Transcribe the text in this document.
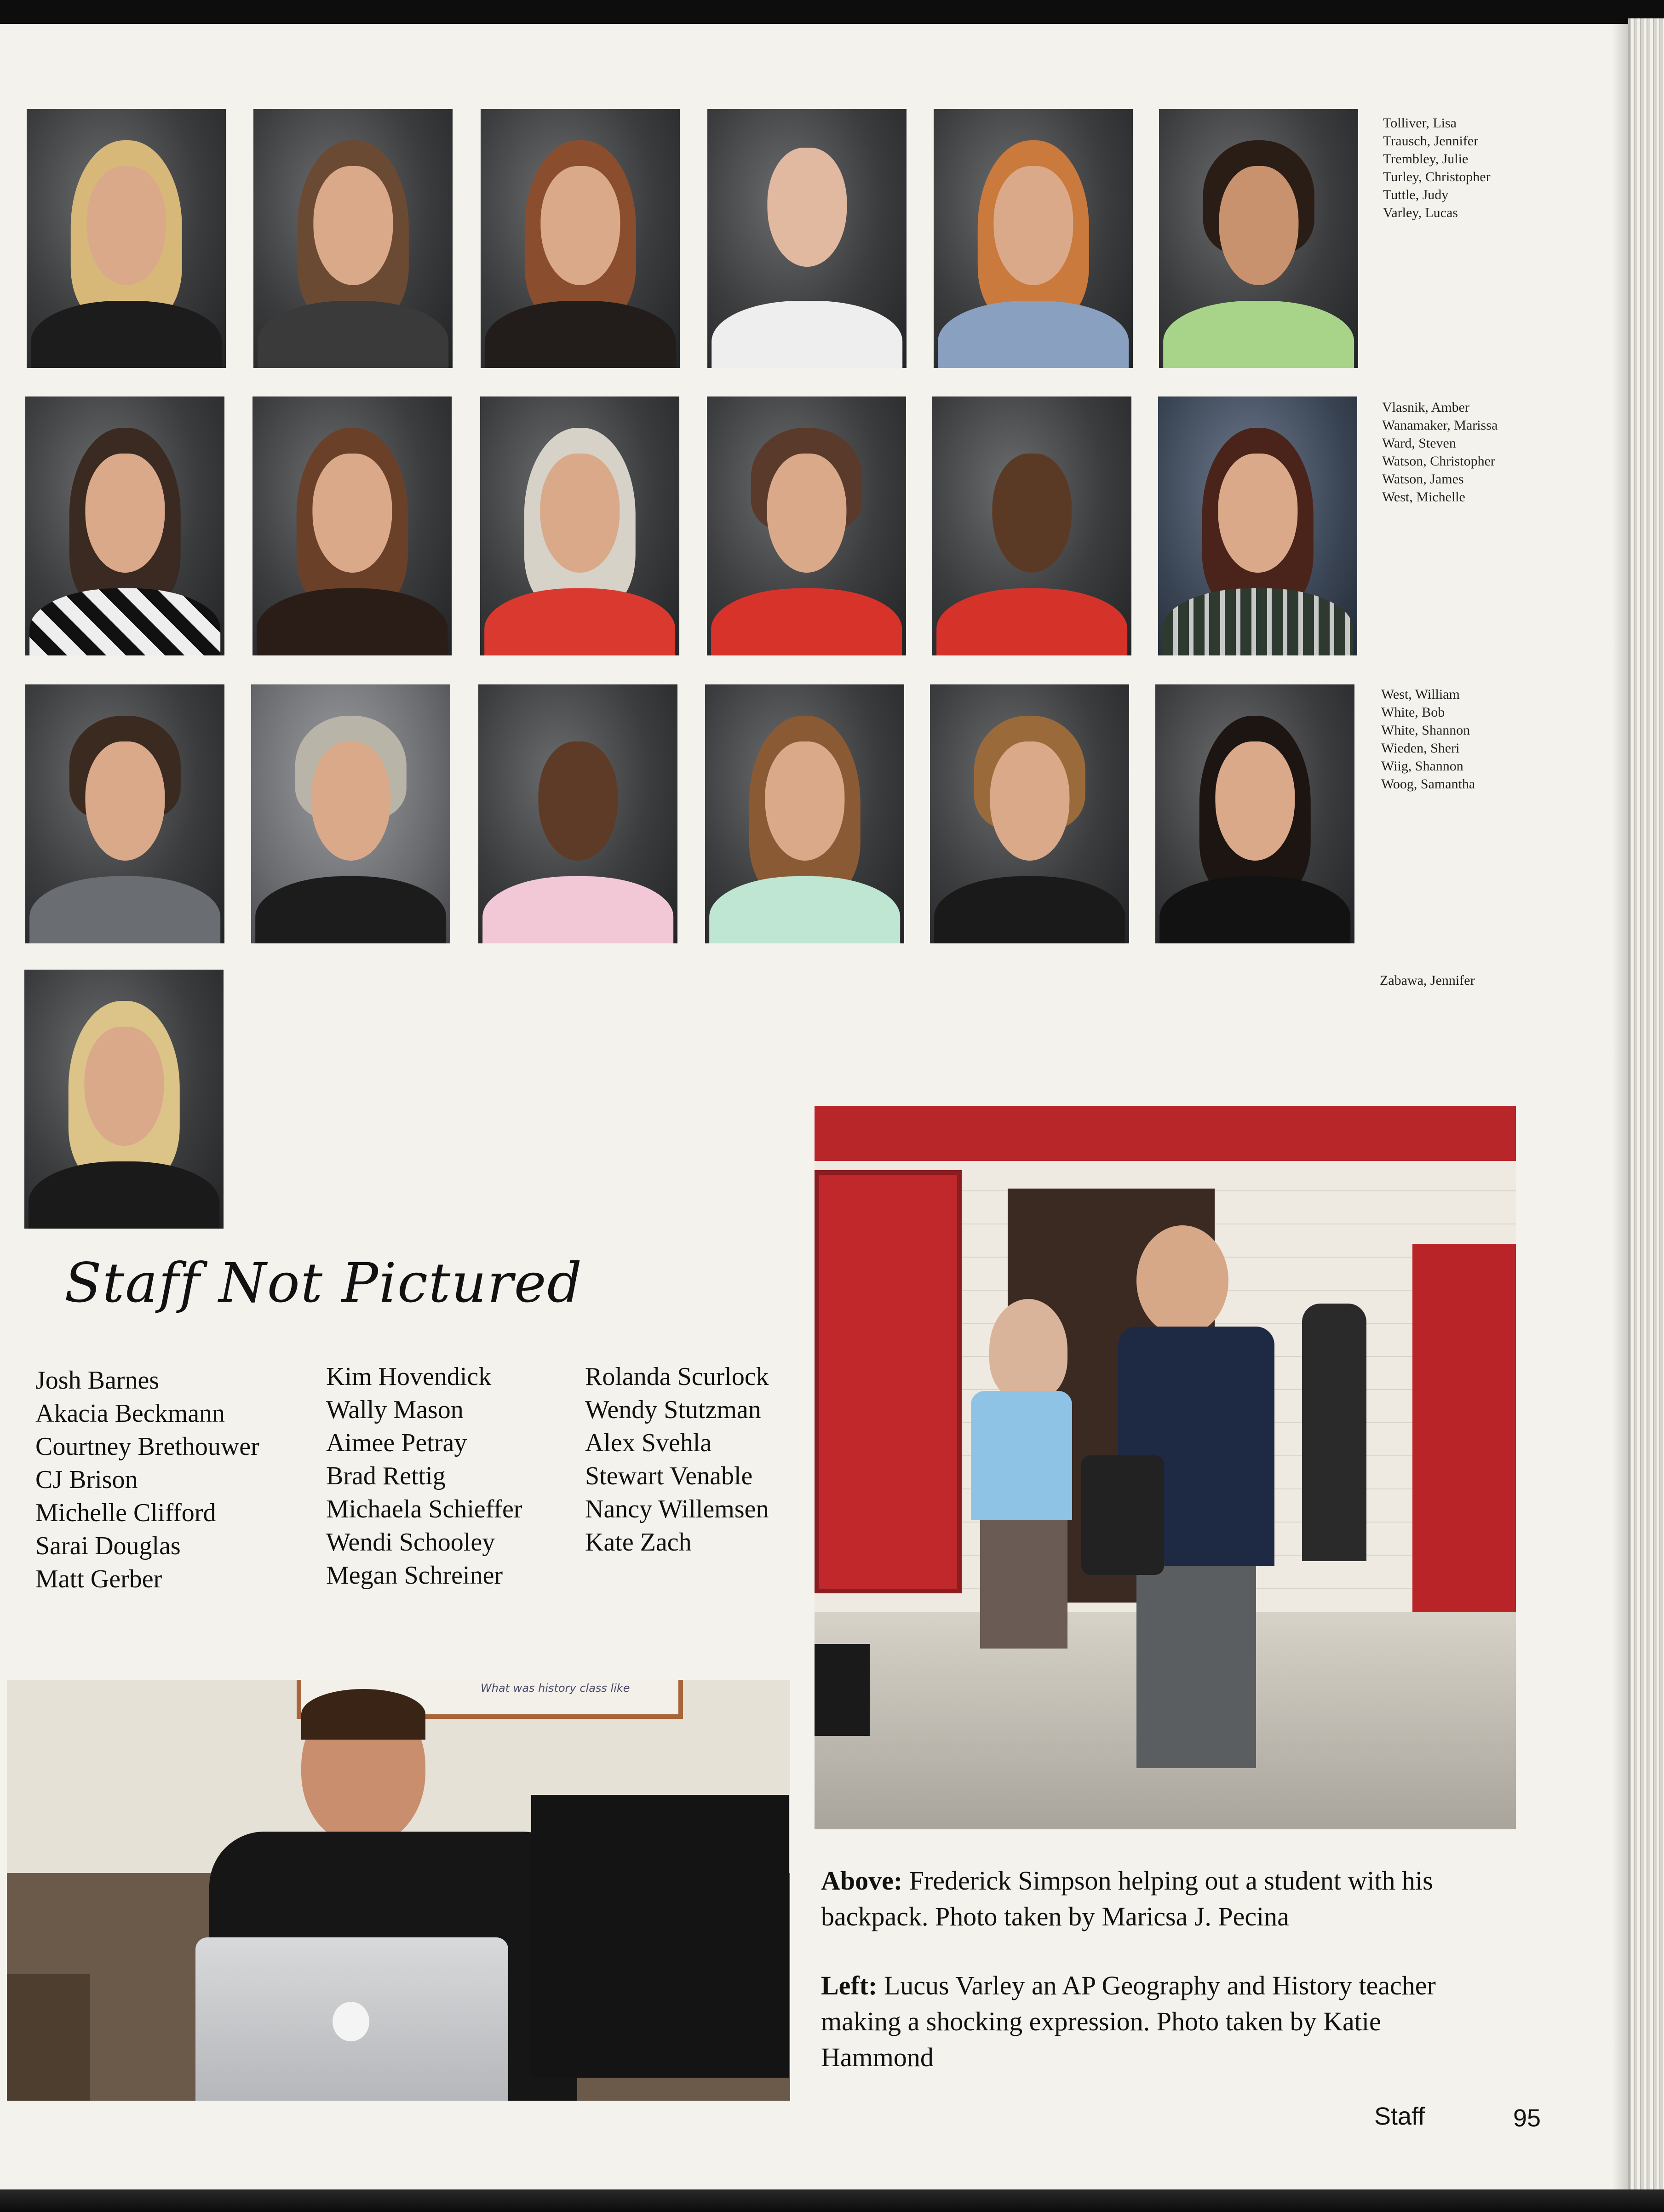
Tolliver, Lisa
Trausch, Jennifer
Trembley, Julie
Turley, Christopher
Tuttle, Judy
Varley, Lucas
Vlasnik, Amber
Wanamaker, Marissa
Ward, Steven
Watson, Christopher
Watson, James
West, Michelle
West, William
White, Bob
White, Shannon
Wieden, Sheri
Wiig, Shannon
Woog, Samantha
Zabawa, Jennifer
Staff Not Pictured
Josh Barnes
Akacia Beckmann
Courtney Brethouwer
CJ Brison
Michelle Clifford
Sarai Douglas
Matt Gerber
Kim Hovendick
Wally Mason
Aimee Petray
Brad Rettig
Michaela Schieffer
Wendi Schooley
Megan Schreiner
Rolanda Scurlock
Wendy Stutzman
Alex Svehla
Stewart Venable
Nancy Willemsen
Kate Zach
What was history class like
Above: Frederick Simpson helping out a student with his backpack. Photo taken by Maricsa J. Pecina
Left: Lucus Varley an AP Geography and History teacher making a shocking expression. Photo taken by Katie Hammond
Staff	95
